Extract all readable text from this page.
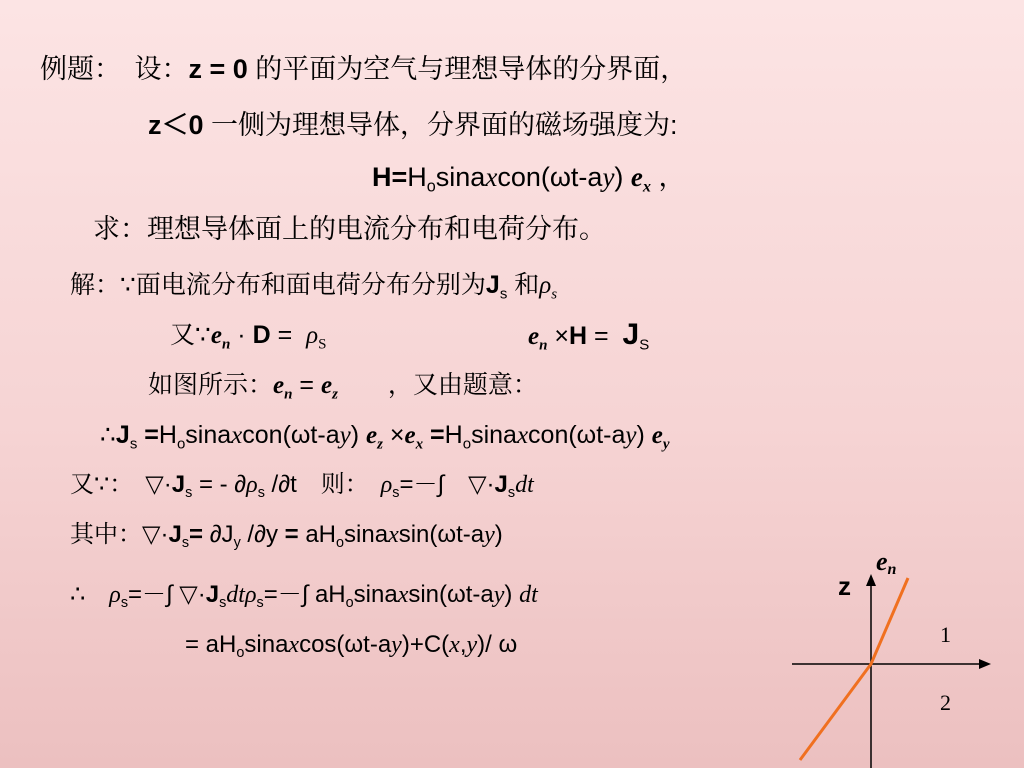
例题：　设：z = 0 的平面为空气与理想导体的分界面，
z＜0 一侧为理想导体，分界面的磁场强度为:
$H=H_osinaxcon(\omega t-ay)$ $e_x$ ，
求：理想导体面上的电流分布和电荷分布。
解：∵面电流分布和面电荷分布分别为$J_s$ 和$\rho_s$
又$\because e_n \cdot D = \rho_S$	$e_n \times H = J_S$
如图所示：$e_n = e_z$　　，又由题意：
$\therefore J_s$ $=H_osinaxcon(\omega t-ay)$ $e_z \times e_x$ $=H_osinaxcon(\omega t-ay)$ $e_y$
又∵：　$▽\cdot J_s$ = - $\partial\rho_s$ /∂t　则：　$\rho_s=-\int$　$▽\cdot J_sdt$
其中：$▽\cdot J_s= \partial J_y$ $/\partial y = aH_osinaxsin(\omega t-ay)$
∴　$\rho_s=-\int$ $▽\cdot J_sdt\rho_s=-\int$ $aH_osinaxsin(\omega t-ay)$ dt
= $aH_osinaxcos(\omega t-ay)+C(x,y)/$ ω
z
en
1
2
